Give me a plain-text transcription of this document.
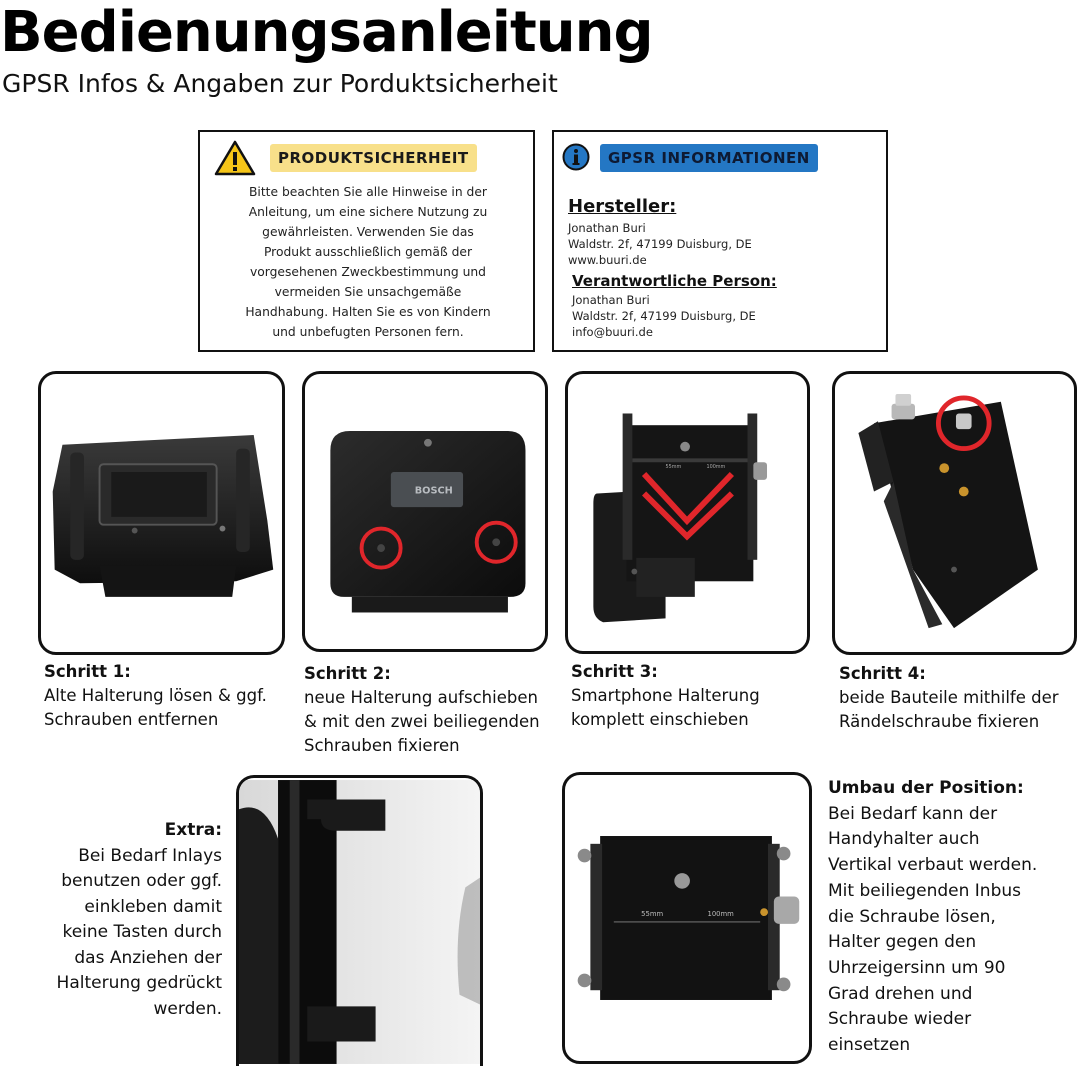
Bedienungsanleitung
GPSR Infos & Angaben zur Porduktsicherheit
PRODUKTSICHERHEIT
Bitte beachten Sie alle Hinweise in der
Anleitung, um eine sichere Nutzung zu
gewährleisten. Verwenden Sie das
Produkt ausschließlich gemäß der
vorgesehenen Zweckbestimmung und
vermeiden Sie unsachgemäße
Handhabung. Halten Sie es von Kindern
und unbefugten Personen fern.
GPSR INFORMATIONEN
Hersteller:
Jonathan Buri
Waldstr. 2f, 47199 Duisburg, DE
www.buuri.de
Verantwortliche Person:
Jonathan Buri
Waldstr. 2f, 47199 Duisburg, DE
info@buuri.de
BOSCH
55mm	100mm
Schritt 1:
Alte Halterung lösen & ggf.
Schrauben entfernen
Schritt 2:
neue Halterung aufschieben
& mit den zwei beiliegenden
Schrauben fixieren
Schritt 3:
Smartphone Halterung
komplett einschieben
Schritt 4:
beide Bauteile mithilfe der
Rändelschraube fixieren
Extra:
Bei Bedarf Inlays
benutzen oder ggf.
einkleben damit
keine Tasten durch
das Anziehen der
Halterung gedrückt
werden.
55mm	100mm
Umbau der Position:
Bei Bedarf kann der
Handyhalter auch
Vertikal verbaut werden.
Mit beiliegenden Inbus
die Schraube lösen,
Halter gegen den
Uhrzeigersinn um 90
Grad drehen und
Schraube wieder
einsetzen
